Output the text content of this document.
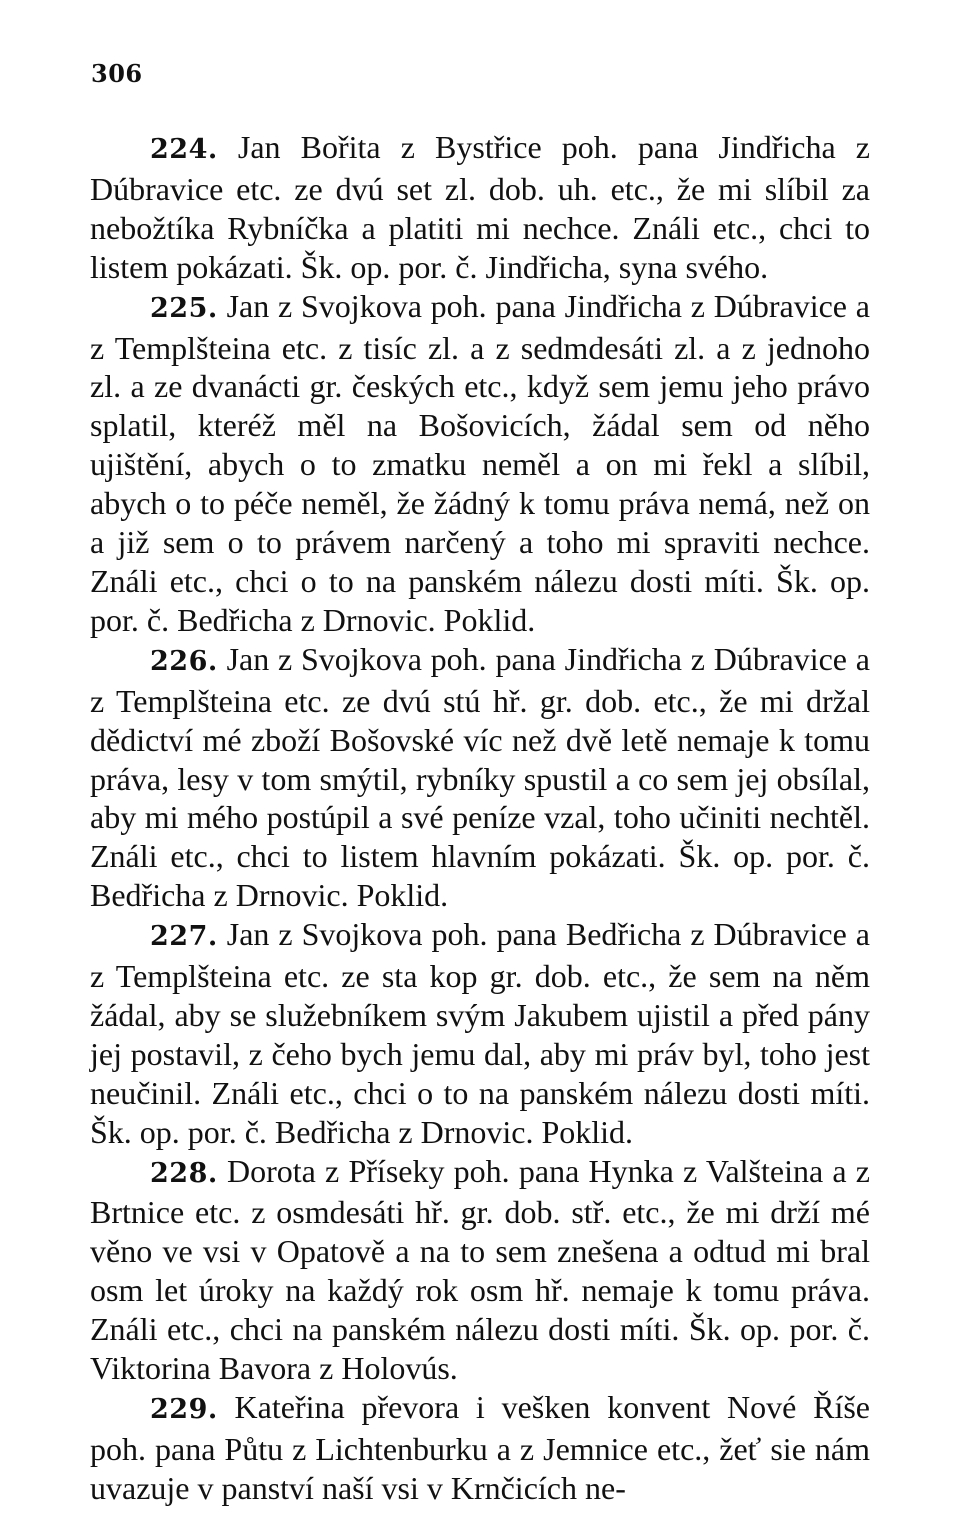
306

224. Jan Bořita z Bystřice poh. pana Jindřicha z Dúbravice etc. ze dvú set zl. dob. uh. etc., že mi slíbil za nebožtíka Rybníčka a platiti mi nechce. Ználi etc., chci to listem pokázati. Šk. op. por. č. Jindřicha, syna svého.

225. Jan z Svojkova poh. pana Jindřicha z Dúbravice a z Templšteina etc. z tisíc zl. a z sedmdesáti zl. a z jednoho zl. a ze dvanácti gr. českých etc., když sem jemu jeho právo splatil, kteréž měl na Bošovicích, žádal sem od něho ujištění, abych o to zmatku neměl a on mi řekl a slíbil, abych o to péče neměl, že žádný k tomu práva nemá, než on a již sem o to právem narčený a toho mi spraviti nechce. Ználi etc., chci o to na panském nálezu dosti míti. Šk. op. por. č. Bedřicha z Drnovic. Poklid.

226. Jan z Svojkova poh. pana Jindřicha z Dúbravice a z Templšteina etc. ze dvú stú hř. gr. dob. etc., že mi držal dědictví mé zboží Bošovské víc než dvě letě nemaje k tomu práva, lesy v tom smýtil, rybníky spustil a co sem jej obsílal, aby mi mého postúpil a své peníze vzal, toho učiniti nechtěl. Ználi etc., chci to listem hlavním pokázati. Šk. op. por. č. Bedřicha z Drnovic. Poklid.

227. Jan z Svojkova poh. pana Bedřicha z Dúbravice a z Templšteina etc. ze sta kop gr. dob. etc., že sem na něm žádal, aby se služebníkem svým Jakubem ujistil a před pány jej postavil, z čeho bych jemu dal, aby mi práv byl, toho jest neučinil. Ználi etc., chci o to na panském nálezu dosti míti. Šk. op. por. č. Bedřicha z Drnovic. Poklid.

228. Dorota z Příseky poh. pana Hynka z Valšteina a z Brtnice etc. z osmdesáti hř. gr. dob. stř. etc., že mi drží mé věno ve vsi v Opatově a na to sem znešena a odtud mi bral osm let úroky na každý rok osm hř. nemaje k tomu práva. Ználi etc., chci na panském nálezu dosti míti. Šk. op. por. č. Viktorina Bavora z Holovús.

229. Kateřina převora i vešken konvent Nové Říše poh. pana Půtu z Lichtenburku a z Jemnice etc., žeť sie nám uvazuje v panství naší vsi v Krnčicích ne-
